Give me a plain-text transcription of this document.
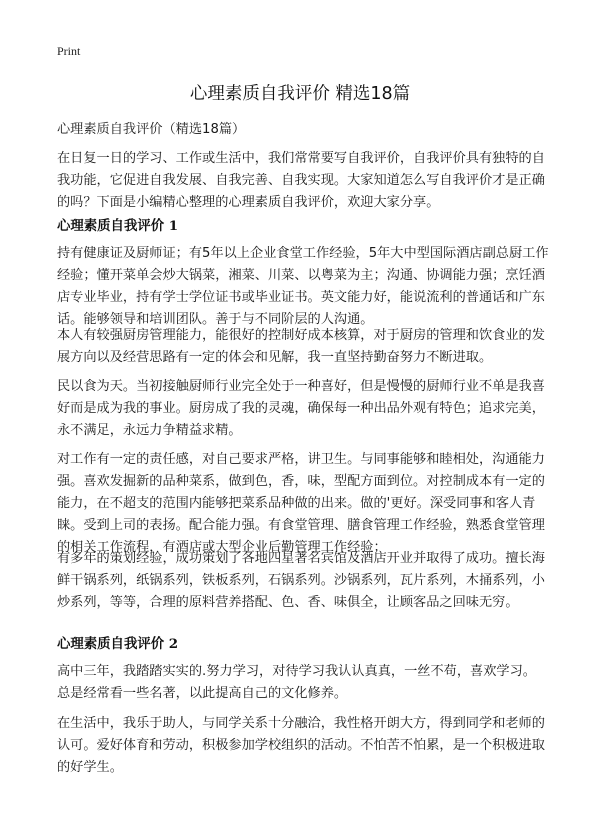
Print
心理素质自我评价 精选18篇

心理素质自我评价（精选18篇）

在日复一日的学习、工作或生活中，我们常常要写自我评价，自我评价具有独特的自我功能，它促进自我发展、自我完善、自我实现。大家知道怎么写自我评价才是正确的吗？下面是小编精心整理的心理素质自我评价，欢迎大家分享。

心理素质自我评价 1

持有健康证及厨师证；有5年以上企业食堂工作经验，5年大中型国际酒店副总厨工作经验；懂开菜单会炒大锅菜，湘菜、川菜、以粤菜为主；沟通、协调能力强；烹饪酒店专业毕业，持有学士学位证书或毕业证书。英文能力好，能说流利的普通话和广东话。能够领导和培训团队。善于与不同阶层的人沟通。

本人有较强厨房管理能力，能很好的控制好成本核算，对于厨房的管理和饮食业的发展方向以及经营思路有一定的体会和见解，我一直坚持勤奋努力不断进取。

民以食为天。当初接触厨师行业完全处于一种喜好，但是慢慢的厨师行业不单是我喜好而是成为我的事业。厨房成了我的灵魂，确保每一种出品外观有特色；追求完美，永不满足，永远力争精益求精。

对工作有一定的责任感，对自己要求严格，讲卫生。与同事能够和睦相处，沟通能力强。喜欢发掘新的品种菜系，做到色，香，味，型配方面到位。对控制成本有一定的能力，在不超支的范围内能够把菜系品种做的出来。做的'更好。深受同事和客人青睐。受到上司的表扬。配合能力强。有食堂管理、膳食管理工作经验，熟悉食堂管理的相关工作流程，有酒店或大型企业后勤管理工作经验；

有多年的策划经验，成功策划了各地四星著名宾馆及酒店开业并取得了成功。擅长海鲜干锅系列，纸锅系列，铁板系列，石锅系列。沙锅系列，瓦片系列，木捅系列，小炒系列，等等，合理的原料营养搭配、色、香、味俱全，让顾客品之回味无穷。

心理素质自我评价 2

高中三年，我踏踏实实的.努力学习，对待学习我认认真真，一丝不苟，喜欢学习。总是经常看一些名著，以此提高自己的文化修养。

在生活中，我乐于助人，与同学关系十分融洽，我性格开朗大方，得到同学和老师的认可。爱好体育和劳动，积极参加学校组织的活动。不怕苦不怕累，是一个积极进取的好学生。
